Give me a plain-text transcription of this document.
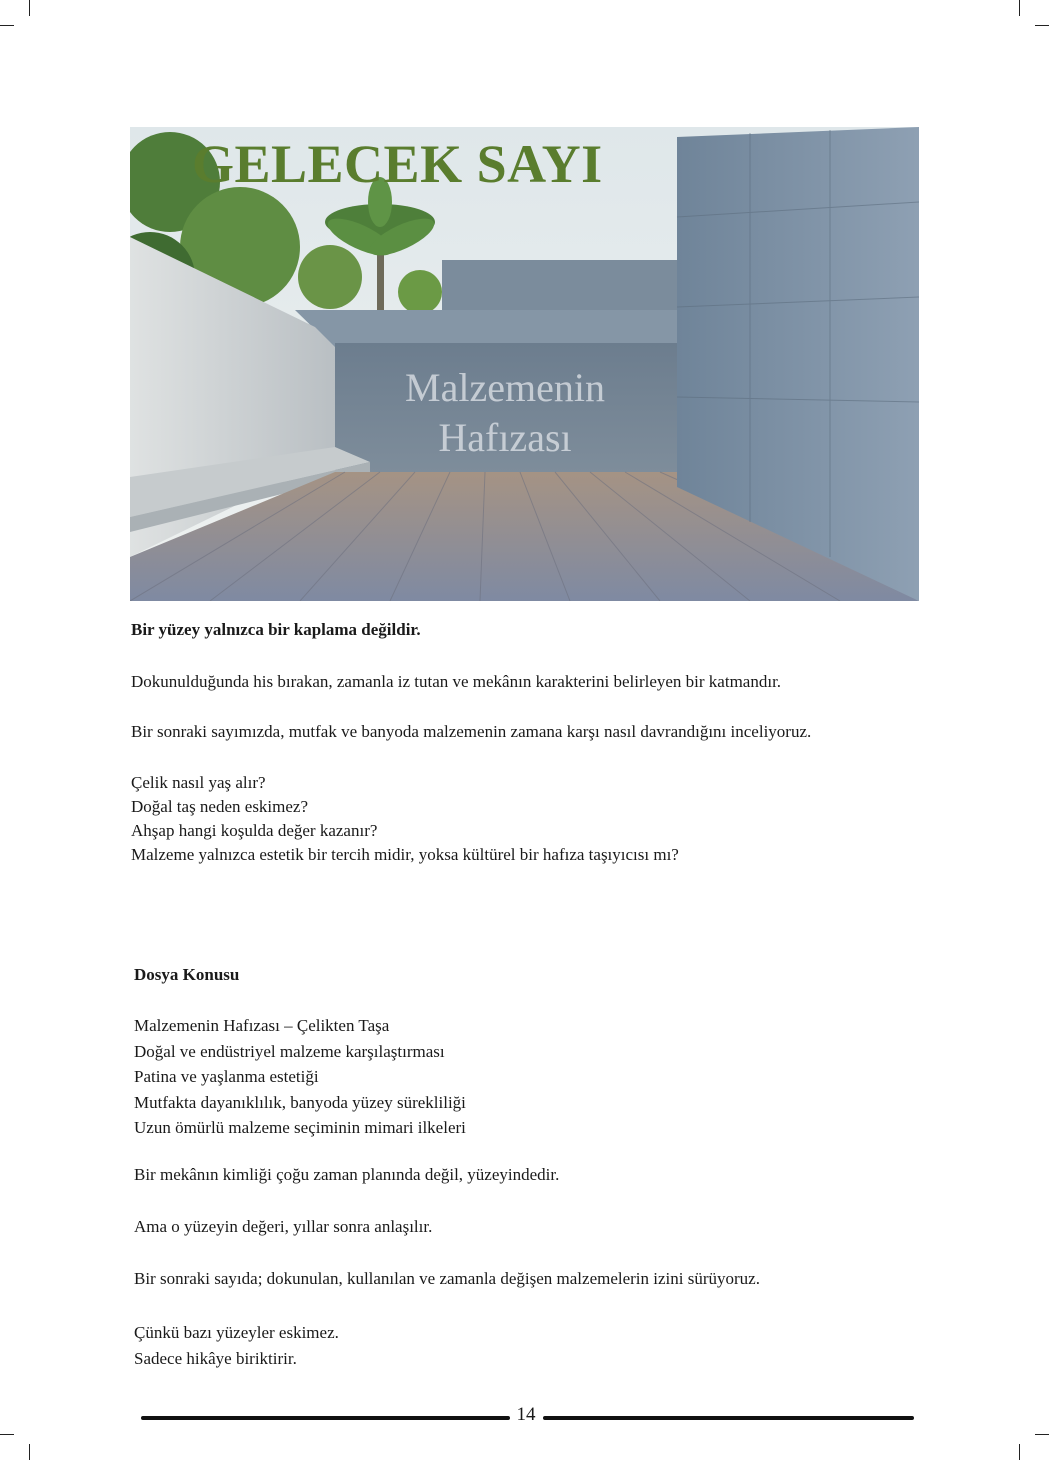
GELECEK SAYI
Malzemenin
Hafızası

Bir yüzey yalnızca bir kaplama değildir.

Dokunulduğunda his bırakan, zamanla iz tutan ve mekânın karakterini belirleyen bir katmandır.

Bir sonraki sayımızda, mutfak ve banyoda malzemenin zamana karşı nasıl davrandığını inceliyoruz.

Çelik nasıl yaş alır?
Doğal taş neden eskimez?
Ahşap hangi koşulda değer kazanır?
Malzeme yalnızca estetik bir tercih midir, yoksa kültürel bir hafıza taşıyıcısı mı?

Dosya Konusu

Malzemenin Hafızası – Çelikten Taşa
Doğal ve endüstriyel malzeme karşılaştırması
Patina ve yaşlanma estetiği
Mutfakta dayanıklılık, banyoda yüzey sürekliliği
Uzun ömürlü malzeme seçiminin mimari ilkeleri

Bir mekânın kimliği çoğu zaman planında değil, yüzeyindedir.

Ama o yüzeyin değeri, yıllar sonra anlaşılır.

Bir sonraki sayıda; dokunulan, kullanılan ve zamanla değişen malzemelerin izini sürüyoruz.

Çünkü bazı yüzeyler eskimez.
Sadece hikâye biriktirir.
14
